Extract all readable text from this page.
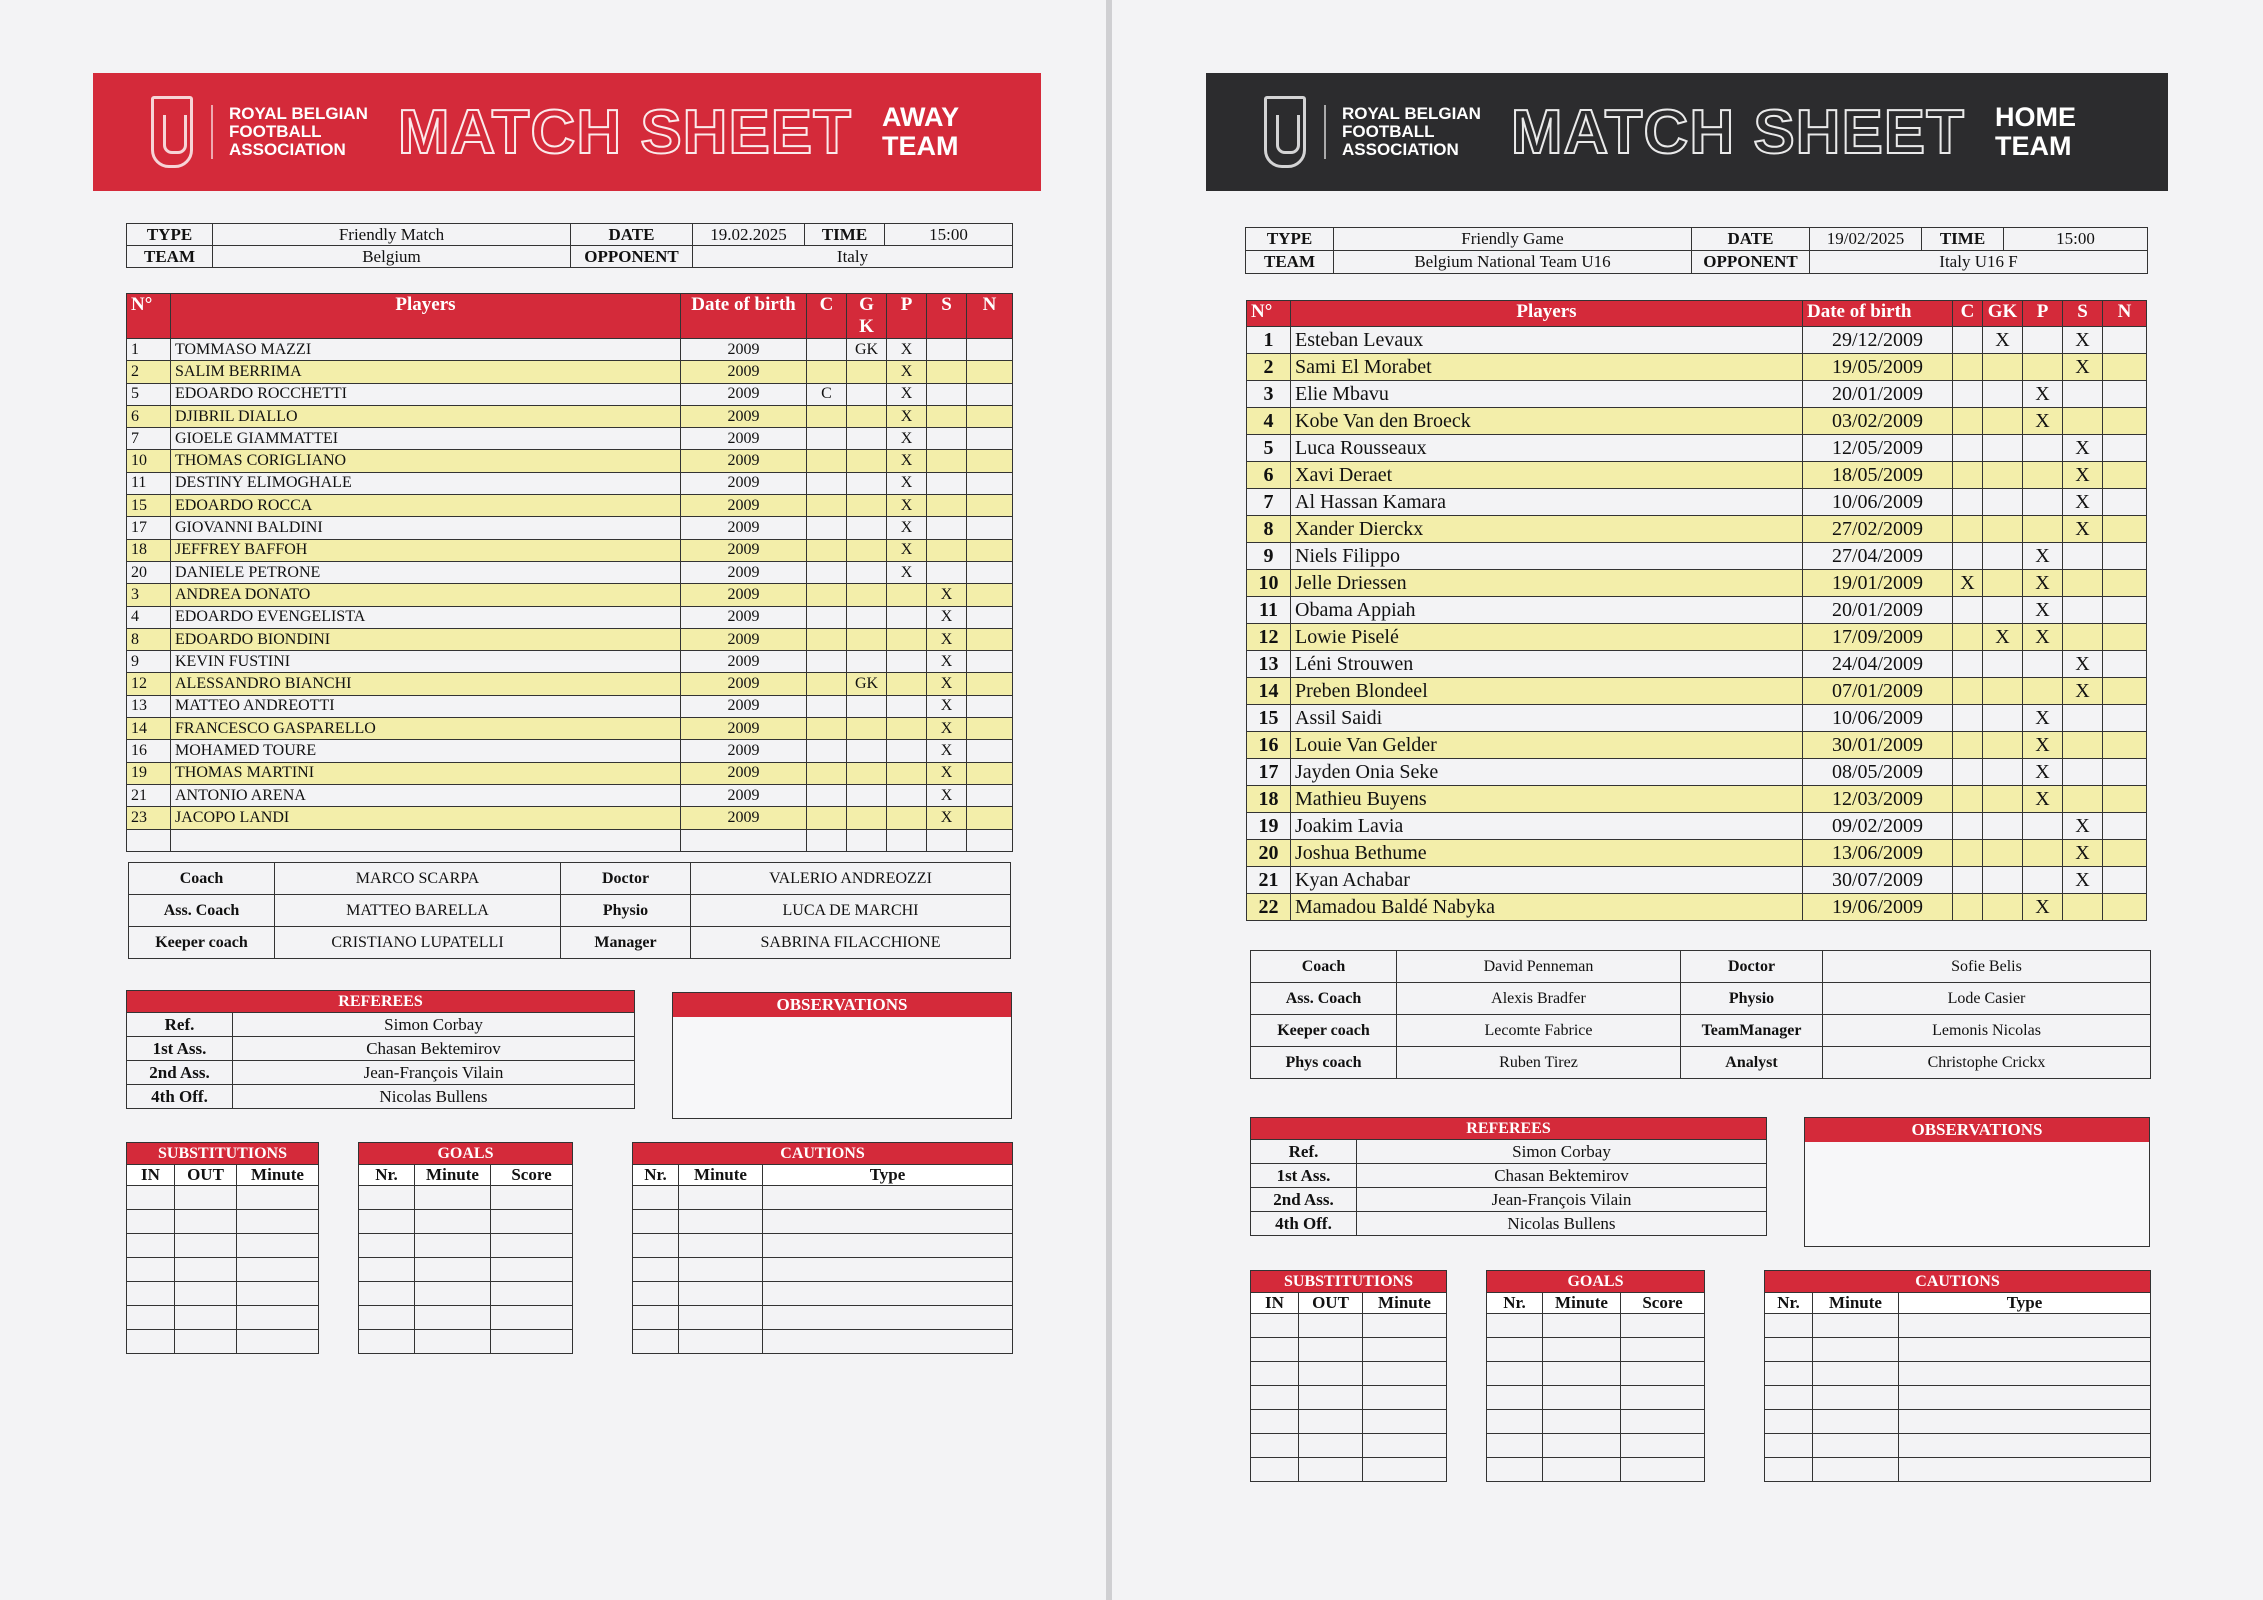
ROYAL BELGIAN
FOOTBALL
ASSOCIATION MATCH SHEET AWAY
TEAM
TYPE	Friendly Match	DATE	19.02.2025	TIME	15:00
TEAM	Belgium	OPPONENT	Italy		
N°	Players	Date of birth	C	G K	P	S	N
1	TOMMASO MAZZI	2009		GK	X		
2	SALIM BERRIMA	2009			X		
5	EDOARDO ROCCHETTI	2009	C		X		
6	DJIBRIL DIALLO	2009			X		
7	GIOELE GIAMMATTEI	2009			X		
10	THOMAS CORIGLIANO	2009			X		
11	DESTINY ELIMOGHALE	2009			X		
15	EDOARDO ROCCA	2009			X		
17	GIOVANNI BALDINI	2009			X		
18	JEFFREY BAFFOH	2009			X		
20	DANIELE PETRONE	2009			X		
3	ANDREA DONATO	2009				X	
4	EDOARDO EVENGELISTA	2009				X	
8	EDOARDO BIONDINI	2009				X	
9	KEVIN FUSTINI	2009				X	
12	ALESSANDRO BIANCHI	2009		GK		X	
13	MATTEO ANDREOTTI	2009				X	
14	FRANCESCO GASPARELLO	2009				X	
16	MOHAMED TOURE	2009				X	
19	THOMAS MARTINI	2009				X	
21	ANTONIO ARENA	2009				X	
23	JACOPO LANDI	2009				X	

Coach	MARCO SCARPA	Doctor	VALERIO ANDREOZZI
Ass. Coach	MATTEO BARELLA	Physio	LUCA DE MARCHI
Keeper coach	CRISTIANO LUPATELLI	Manager	SABRINA FILACCHIONE
REFEREES	
Ref.	Simon Corbay
1st Ass.	Chasan Bektemirov
2nd Ass.	Jean-François Vilain
4th Off.	Nicolas Bullens
OBSERVATIONS
SUBSTITUTIONS		
IN	OUT	Minute

GOALS		
Nr.	Minute	Score

CAUTIONS		
Nr.	Minute	Type

ROYAL BELGIAN
FOOTBALL
ASSOCIATION MATCH SHEET HOME
TEAM
TYPE	Friendly Game	DATE	19/02/2025	TIME	15:00
TEAM	Belgium National Team U16	OPPONENT	Italy U16 F		
N°	Players	Date of birth	C	GK	P	S	N
1	Esteban Levaux	29/12/2009		X		X	
2	Sami El Morabet	19/05/2009				X	
3	Elie Mbavu	20/01/2009			X		
4	Kobe Van den Broeck	03/02/2009			X		
5	Luca Rousseaux	12/05/2009				X	
6	Xavi Deraet	18/05/2009				X	
7	Al Hassan Kamara	10/06/2009				X	
8	Xander Dierckx	27/02/2009				X	
9	Niels Filippo	27/04/2009			X		
10	Jelle Driessen	19/01/2009	X		X		
11	Obama Appiah	20/01/2009			X		
12	Lowie Piselé	17/09/2009		X	X		
13	Léni Strouwen	24/04/2009				X	
14	Preben Blondeel	07/01/2009				X	
15	Assil Saidi	10/06/2009			X		
16	Louie Van Gelder	30/01/2009			X		
17	Jayden Onia Seke	08/05/2009			X		
18	Mathieu Buyens	12/03/2009			X		
19	Joakim Lavia	09/02/2009				X	
20	Joshua Bethume	13/06/2009				X	
21	Kyan Achabar	30/07/2009				X	
22	Mamadou Baldé Nabyka	19/06/2009			X		
Coach	David Penneman	Doctor	Sofie Belis
Ass. Coach	Alexis Bradfer	Physio	Lode Casier
Keeper coach	Lecomte Fabrice	TeamManager	Lemonis Nicolas
Phys coach	Ruben Tirez	Analyst	Christophe Crickx
REFEREES	
Ref.	Simon Corbay
1st Ass.	Chasan Bektemirov
2nd Ass.	Jean-François Vilain
4th Off.	Nicolas Bullens
OBSERVATIONS
SUBSTITUTIONS		
IN	OUT	Minute

GOALS		
Nr.	Minute	Score

CAUTIONS		
Nr.	Minute	Type
